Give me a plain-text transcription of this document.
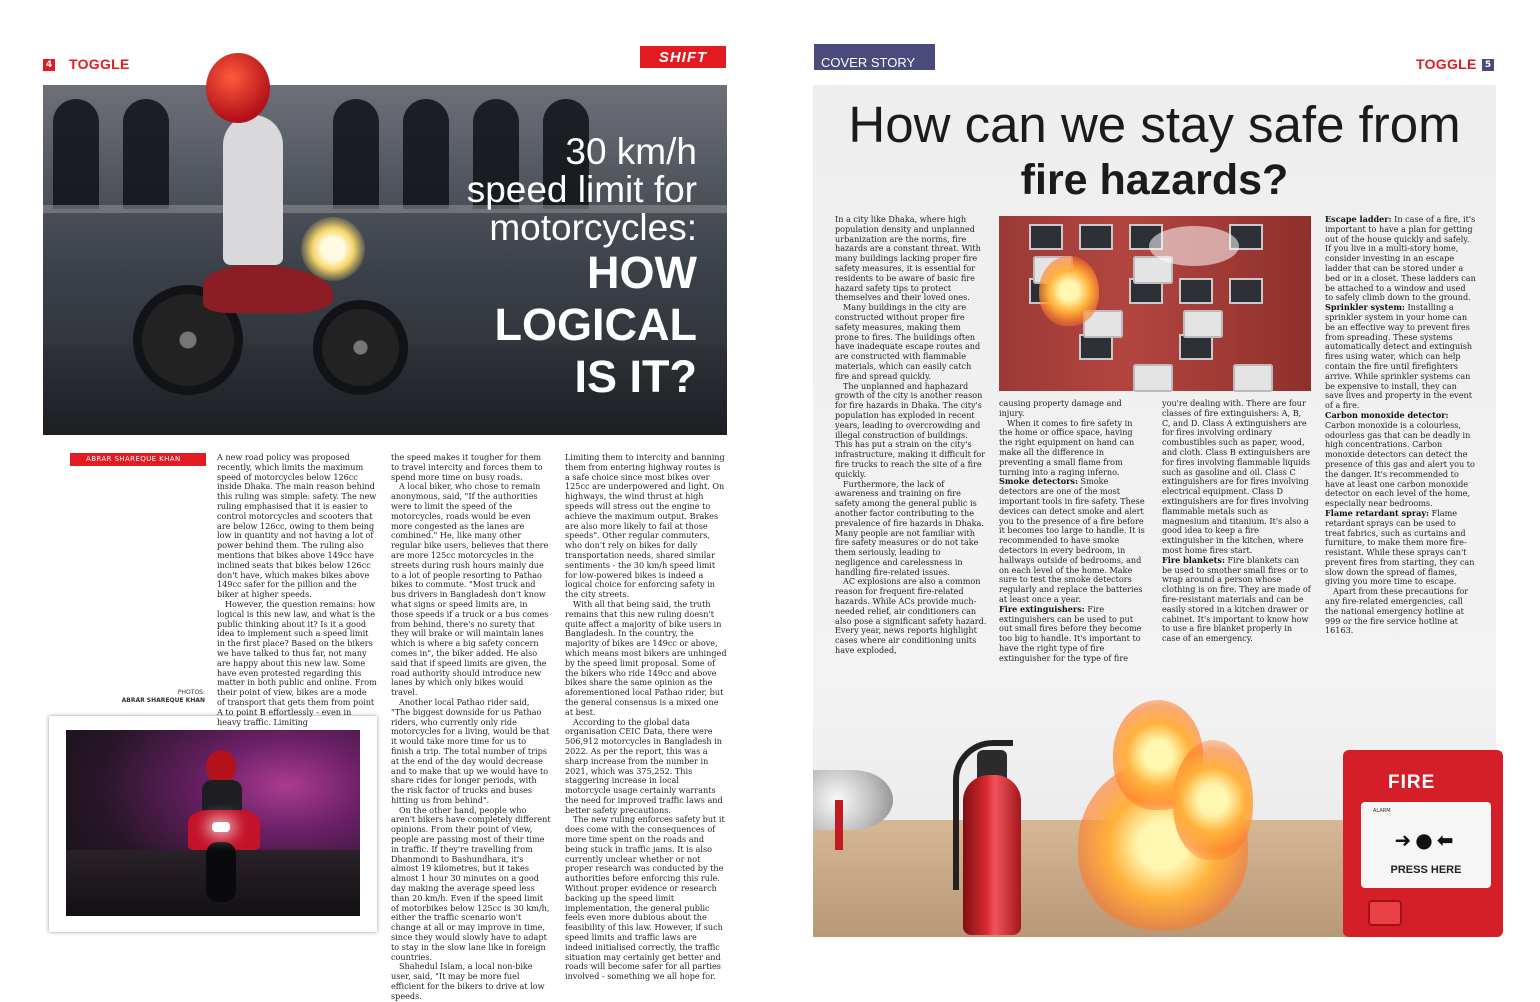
4 TOGGLE	SHIFT
30 km/h
speed limit for
motorcycles:
HOW
LOGICAL
IS IT?
ABRAR SHAREQUE KHAN
PHOTOS:
ABRAR SHAREQUE KHAN

A new road policy was proposed recently, which limits the maximum speed of motorcycles below 126cc inside Dhaka. The main reason behind this ruling was simple: safety. The new ruling emphasised that it is easier to control motorcycles and scooters that are below 126cc, owing to them being low in quantity and not having a lot of power behind them. The ruling also mentions that bikes above 149cc have inclined seats that bikes below 126cc don't have, which makes bikes above 149cc safer for the pillion and the biker at higher speeds.

However, the question remains: how logical is this new law, and what is the public thinking about it? Is it a good idea to implement such a speed limit in the first place? Based on the bikers we have talked to thus far, not many are happy about this new law. Some have even protested regarding this matter in both public and online. From their point of view, bikes are a mode of transport that gets them from point A to point B effortlessly - even in heavy traffic. Limiting

the speed makes it tougher for them to travel intercity and forces them to spend more time on busy roads.

A local biker, who chose to remain anonymous, said, "If the authorities were to limit the speed of the motorcycles, roads would be even more congested as the lanes are combined." He, like many other regular bike users, believes that there are more 125cc motorcycles in the streets during rush hours mainly due to a lot of people resorting to Pathao bikes to commute. "Most truck and bus drivers in Bangladesh don't know what signs or speed limits are, in those speeds if a truck or a bus comes from behind, there's no surety that they will brake or will maintain lanes which is where a big safety concern comes in", the biker added. He also said that if speed limits are given, the road authority should introduce new lanes by which only bikes would travel.

Another local Pathao rider said, "The biggest downside for us Pathao riders, who currently only ride motorcycles for a living, would be that it would take more time for us to finish a trip. The total number of trips at the end of the day would decrease and to make that up we would have to share rides for longer periods, with the risk factor of trucks and buses hitting us from behind".

On the other hand, people who aren't bikers have completely different opinions. From their point of view, people are passing most of their time in traffic. If they're travelling from Dhanmondi to Bashundhara, it's almost 19 kilometres, but it takes almost 1 hour 30 minutes on a good day making the average speed less than 20 km/h. Even if the speed limit of motorbikes below 125cc is 30 km/h, either the traffic scenario won't change at all or may improve in time, since they would slowly have to adapt to stay in the slow lane like in foreign countries.

Shahedul Islam, a local non-bike user, said, "It may be more fuel efficient for the bikers to drive at low speeds.

Limiting them to intercity and banning them from entering highway routes is a safe choice since most bikes over 125cc are underpowered and light. On highways, the wind thrust at high speeds will stress out the engine to achieve the maximum output. Brakes are also more likely to fail at those speeds". Other regular commuters, who don't rely on bikes for daily transportation needs, shared similar sentiments - the 30 km/h speed limit for low-powered bikes is indeed a logical choice for enforcing safety in the city streets.

With all that being said, the truth remains that this new ruling doesn't quite affect a majority of bike users in Bangladesh. In the country, the majority of bikes are 149cc or above, which means most bikers are unhinged by the speed limit proposal. Some of the bikers who ride 149cc and above bikes share the same opinion as the aforementioned local Pathao rider, but the general consensus is a mixed one at best.

According to the global data organisation CEIC Data, there were 506,912 motorcycles in Bangladesh in 2022. As per the report, this was a sharp increase from the number in 2021, which was 375,252. This staggering increase in local motorcycle usage certainly warrants the need for improved traffic laws and better safety precautions.

The new ruling enforces safety but it does come with the consequences of more time spent on the roads and being stuck in traffic jams. It is also currently unclear whether or not proper research was conducted by the authorities before enforcing this rule. Without proper evidence or research backing up the speed limit implementation, the general public feels even more dubious about the feasibility of this law. However, if such speed limits and traffic laws are indeed initialised correctly, the traffic situation may certainly get better and roads will become safer for all parties involved - something we all hope for.

COVER STORY	TOGGLE 5
How can we stay safe from
fire hazards?

In a city like Dhaka, where high population density and unplanned urbanization are the norms, fire hazards are a constant threat. With many buildings lacking proper fire safety measures, it is essential for residents to be aware of basic fire hazard safety tips to protect themselves and their loved ones.

Many buildings in the city are constructed without proper fire safety measures, making them prone to fires. The buildings often have inadequate escape routes and are constructed with flammable materials, which can easily catch fire and spread quickly.

The unplanned and haphazard growth of the city is another reason for fire hazards in Dhaka. The city's population has exploded in recent years, leading to overcrowding and illegal construction of buildings. This has put a strain on the city's infrastructure, making it difficult for fire trucks to reach the site of a fire quickly.

Furthermore, the lack of awareness and training on fire safety among the general public is another factor contributing to the prevalence of fire hazards in Dhaka. Many people are not familiar with fire safety measures or do not take them seriously, leading to negligence and carelessness in handling fire-related issues.

AC explosions are also a common reason for frequent fire-related hazards. While ACs provide much-needed relief, air conditioners can also pose a significant safety hazard. Every year, news reports highlight cases where air conditioning units have exploded,

causing property damage and injury.

When it comes to fire safety in the home or office space, having the right equipment on hand can make all the difference in preventing a small flame from turning into a raging inferno.

Smoke detectors: Smoke detectors are one of the most important tools in fire safety. These devices can detect smoke and alert you to the presence of a fire before it becomes too large to handle. It is recommended to have smoke detectors in every bedroom, in hallways outside of bedrooms, and on each level of the home. Make sure to test the smoke detectors regularly and replace the batteries at least once a year.

Fire extinguishers: Fire extinguishers can be used to put out small fires before they become too big to handle. It's important to have the right type of fire extinguisher for the type of fire

you're dealing with. There are four classes of fire extinguishers: A, B, C, and D. Class A extinguishers are for fires involving ordinary combustibles such as paper, wood, and cloth. Class B extinguishers are for fires involving flammable liquids such as gasoline and oil. Class C extinguishers are for fires involving electrical equipment. Class D extinguishers are for fires involving flammable metals such as magnesium and titanium. It's also a good idea to keep a fire extinguisher in the kitchen, where most home fires start.

Fire blankets: Fire blankets can be used to smother small fires or to wrap around a person whose clothing is on fire. They are made of fire-resistant materials and can be easily stored in a kitchen drawer or cabinet. It's important to know how to use a fire blanket properly in case of an emergency.

Escape ladder: In case of a fire, it's important to have a plan for getting out of the house quickly and safely. If you live in a multi-story home, consider investing in an escape ladder that can be stored under a bed or in a closet. These ladders can be attached to a window and used to safely climb down to the ground.

Sprinkler system: Installing a sprinkler system in your home can be an effective way to prevent fires from spreading. These systems automatically detect and extinguish fires using water, which can help contain the fire until firefighters arrive. While sprinkler systems can be expensive to install, they can save lives and property in the event of a fire.

Carbon monoxide detector: Carbon monoxide is a colourless, odourless gas that can be deadly in high concentrations. Carbon monoxide detectors can detect the presence of this gas and alert you to the danger. It's recommended to have at least one carbon monoxide detector on each level of the home, especially near bedrooms.

Flame retardant spray: Flame retardant sprays can be used to treat fabrics, such as curtains and furniture, to make them more fire-resistant. While these sprays can't prevent fires from starting, they can slow down the spread of flames, giving you more time to escape.

Apart from these precautions for any fire-related emergencies, call the national emergency hotline at 999 or the fire service hotline at 16163.

FIRE
ALARM
➜●⬅
PRESS HERE
